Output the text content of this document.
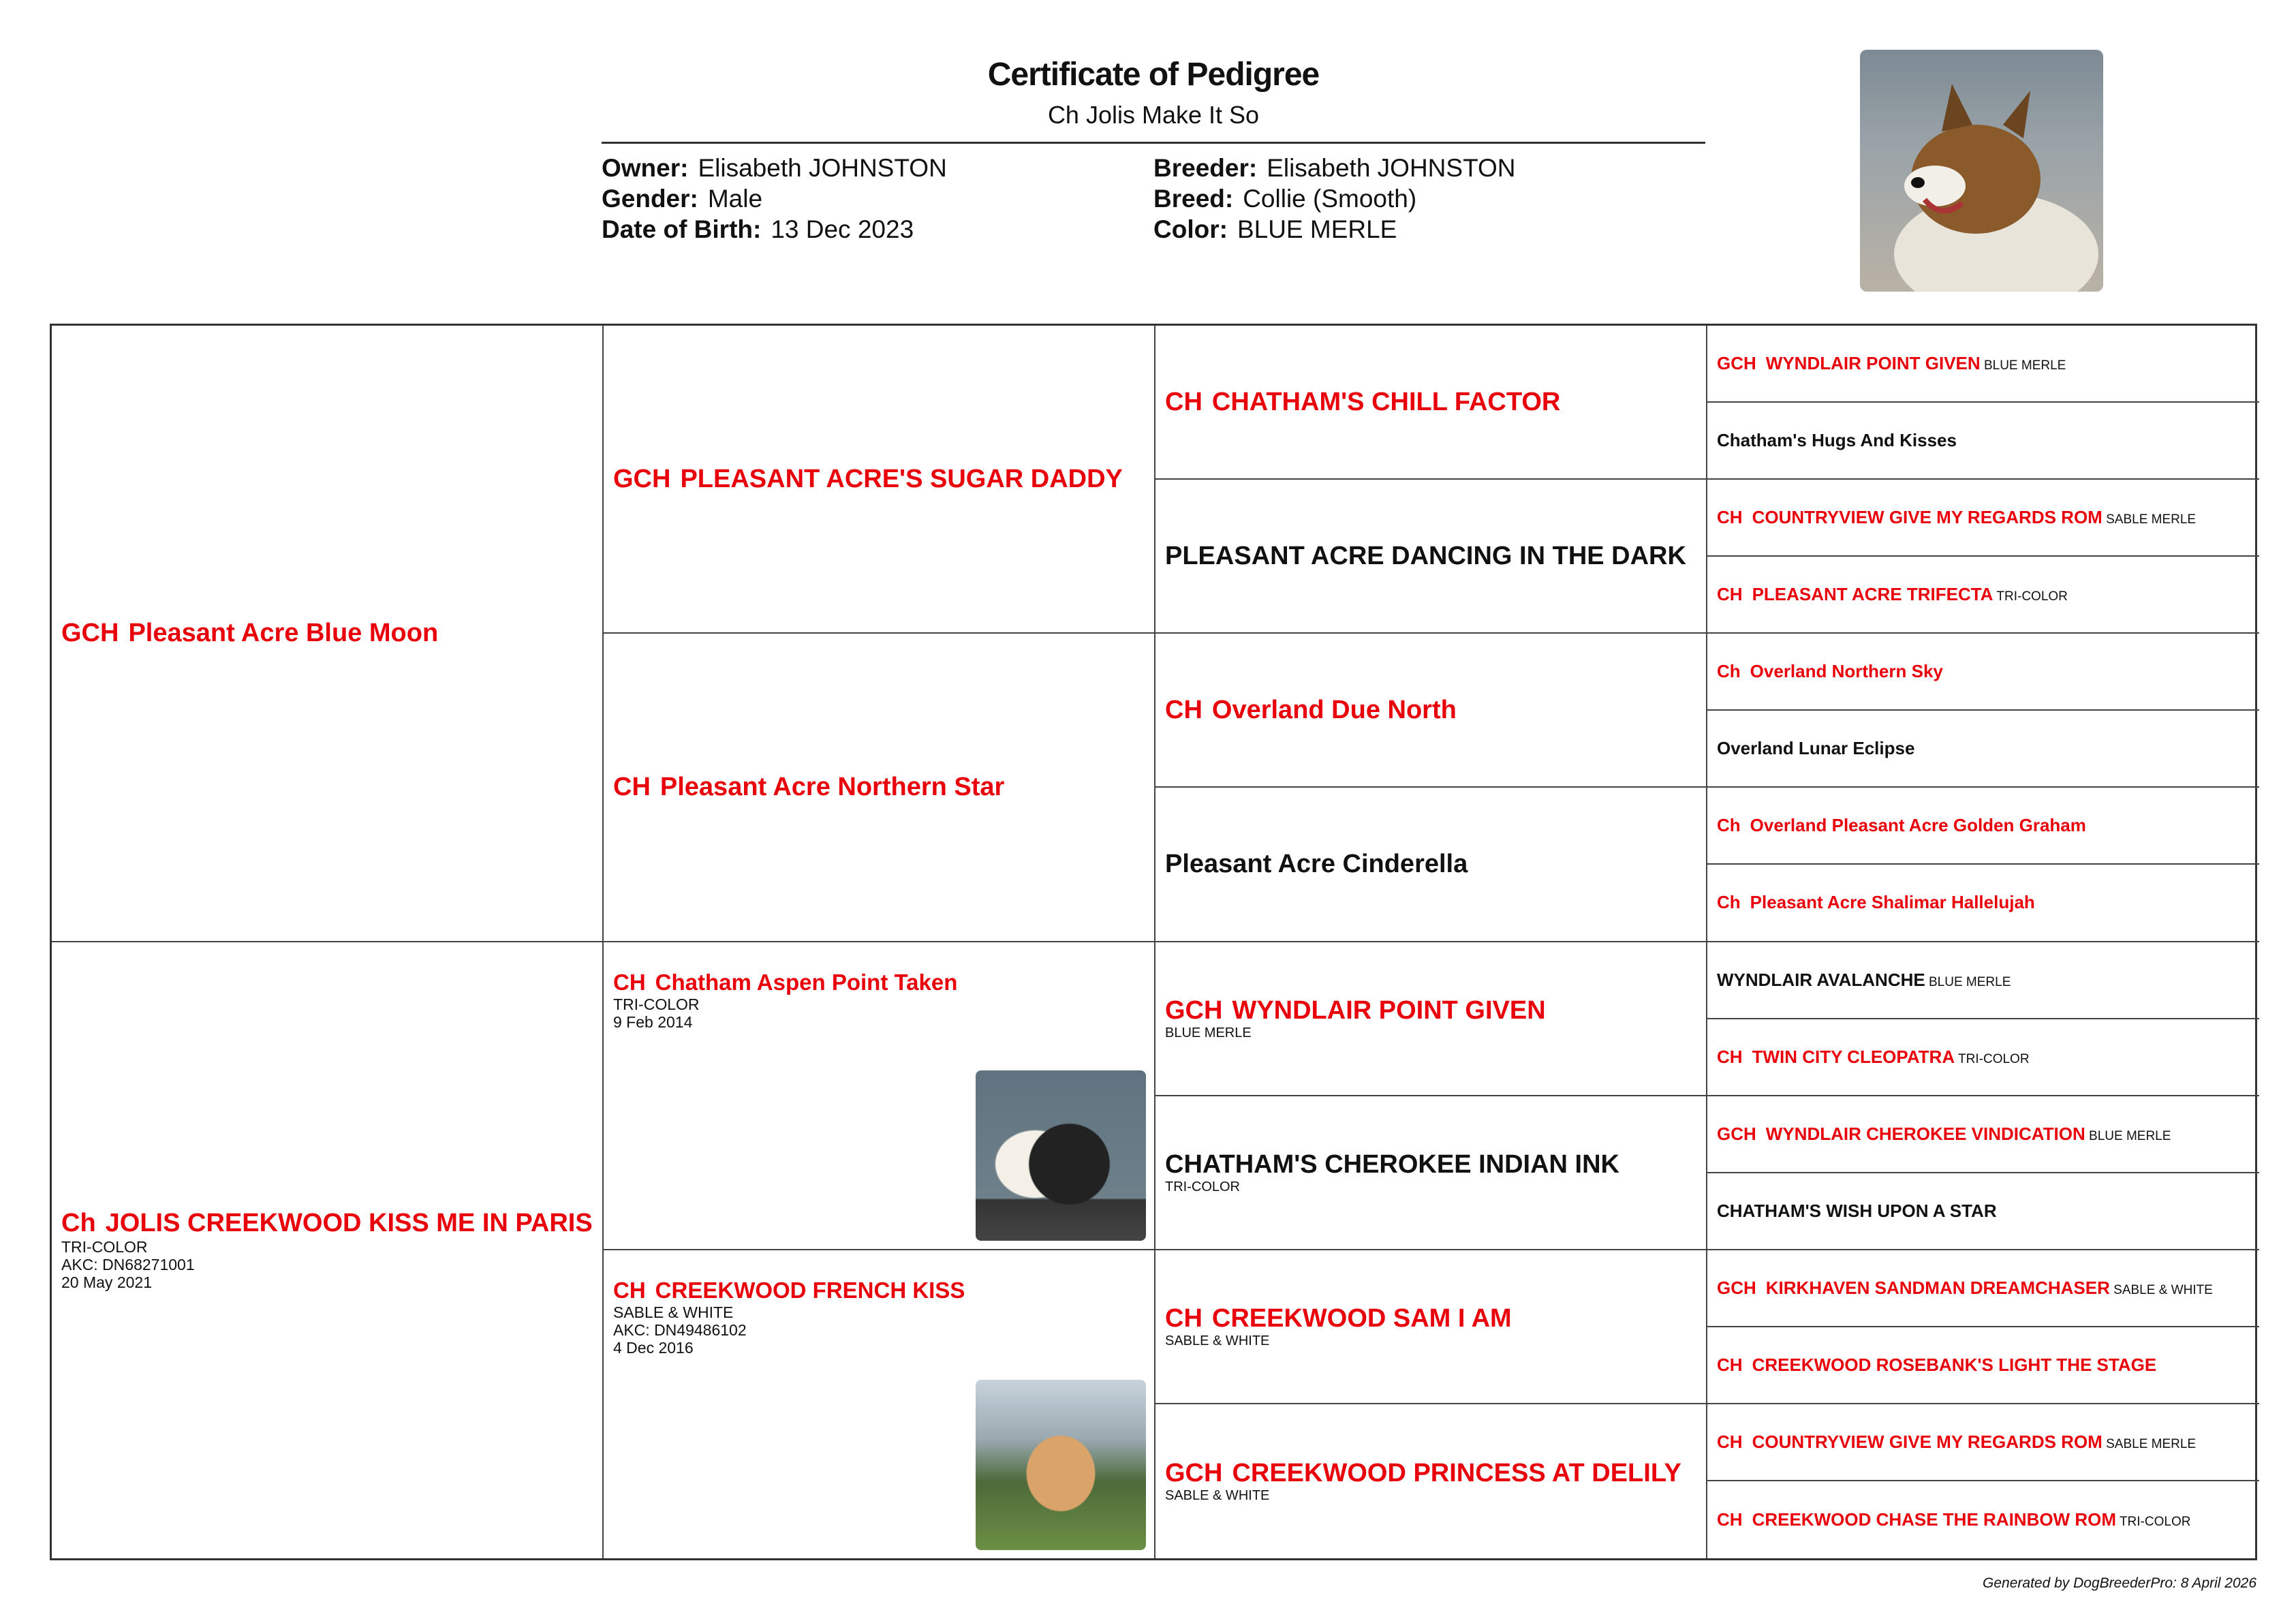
Certificate of Pedigree
Ch Jolis Make It So
Owner: Elisabeth JOHNSTON
Gender: Male
Date of Birth: 13 Dec 2023
Breeder: Elisabeth JOHNSTON
Breed: Collie (Smooth)
Color: BLUE MERLE
GCH Pleasant Acre Blue Moon
Ch JOLIS CREEKWOOD KISS ME IN PARIS
TRI-COLOR
AKC: DN68271001
20 May 2021
GCH PLEASANT ACRE'S SUGAR DADDY
CH Pleasant Acre Northern Star
CH Chatham Aspen Point Taken
TRI-COLOR
9 Feb 2014
CH CREEKWOOD FRENCH KISS
SABLE & WHITE
AKC: DN49486102
4 Dec 2016
CH CHATHAM'S CHILL FACTOR
PLEASANT ACRE DANCING IN THE DARK
CH Overland Due North
Pleasant Acre Cinderella
GCH WYNDLAIR POINT GIVEN
BLUE MERLE
CHATHAM'S CHEROKEE INDIAN INK
TRI-COLOR
CH CREEKWOOD SAM I AM
SABLE & WHITE
GCH CREEKWOOD PRINCESS AT DELILY
SABLE & WHITE
GCH WYNDLAIR POINT GIVEN BLUE MERLE
Chatham's Hugs And Kisses
CH COUNTRYVIEW GIVE MY REGARDS ROM SABLE MERLE
CH PLEASANT ACRE TRIFECTA TRI-COLOR
Ch Overland Northern Sky
Overland Lunar Eclipse
Ch Overland Pleasant Acre Golden Graham
Ch Pleasant Acre Shalimar Hallelujah
WYNDLAIR AVALANCHE BLUE MERLE
CH TWIN CITY CLEOPATRA TRI-COLOR
GCH WYNDLAIR CHEROKEE VINDICATION BLUE MERLE
CHATHAM'S WISH UPON A STAR
GCH KIRKHAVEN SANDMAN DREAMCHASER SABLE & WHITE
CH CREEKWOOD ROSEBANK'S LIGHT THE STAGE
CH COUNTRYVIEW GIVE MY REGARDS ROM SABLE MERLE
CH CREEKWOOD CHASE THE RAINBOW ROM TRI-COLOR
Generated by DogBreederPro: 8 April 2026
